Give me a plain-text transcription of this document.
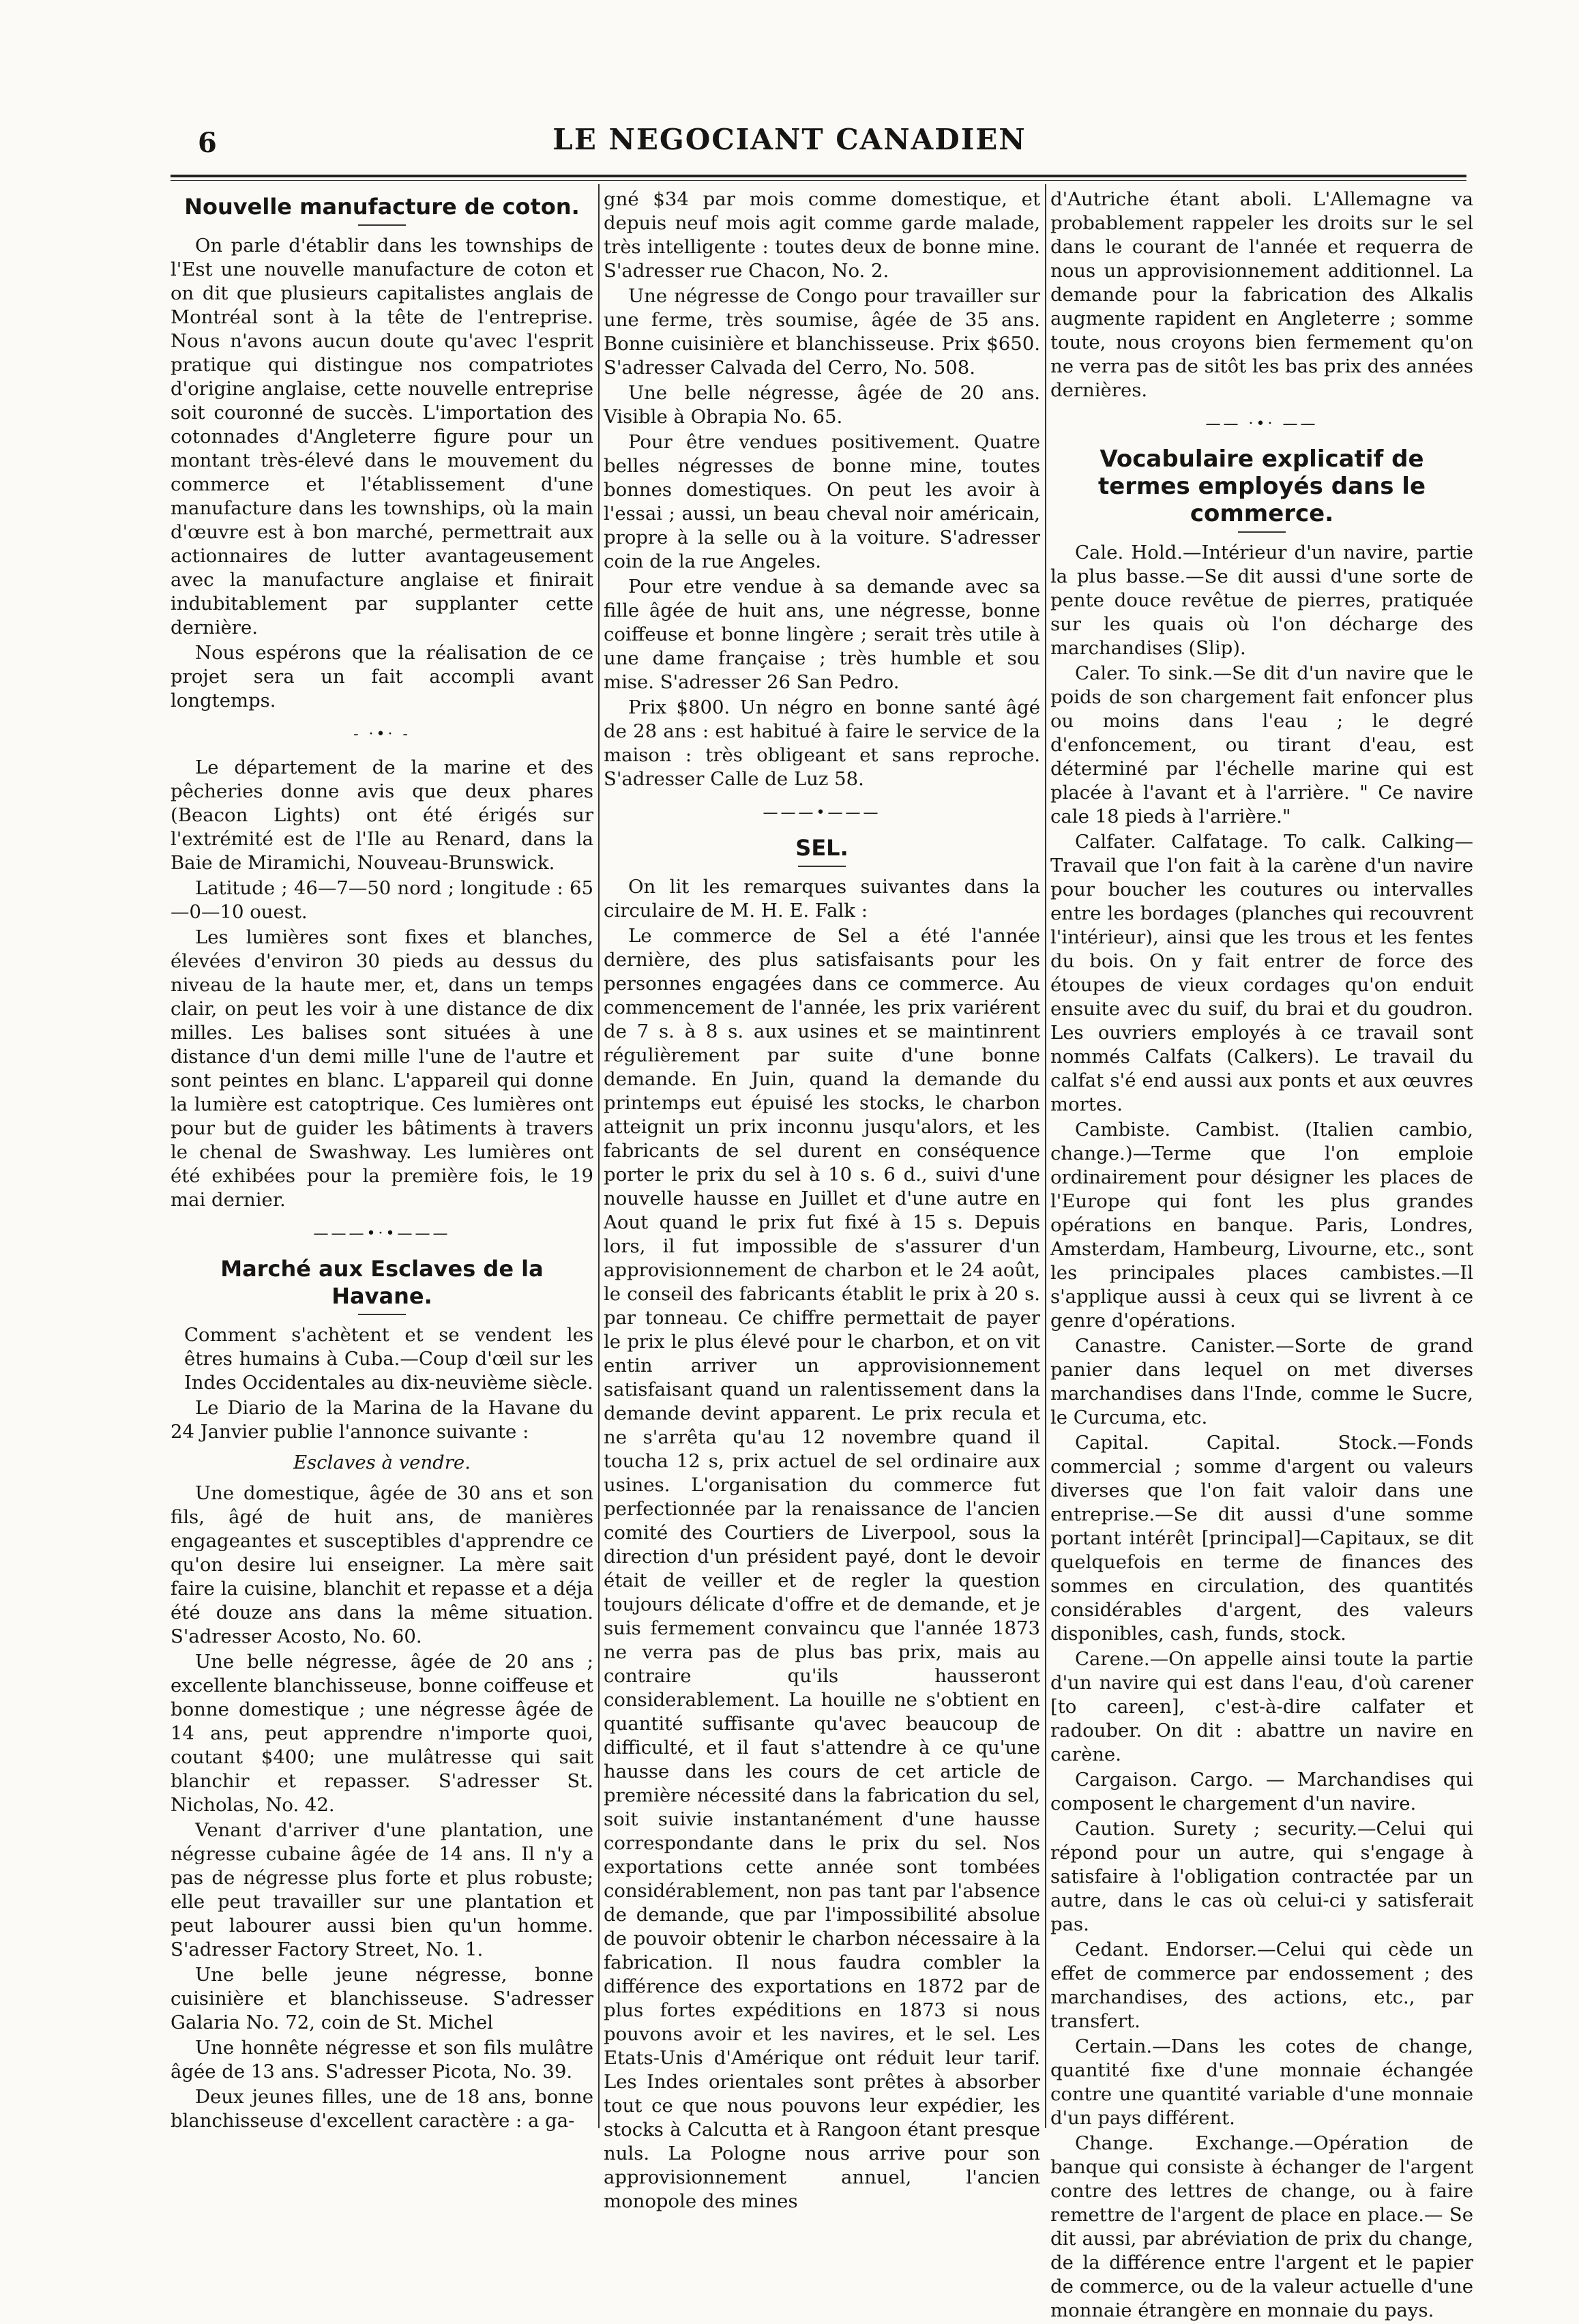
6	LE NEGOCIANT CANADIEN
Nouvelle manufacture de coton.

On parle d'établir dans les townships de l'Est une nouvelle manufacture de coton et on dit que plusieurs capitalistes anglais de Montréal sont à la tête de l'entreprise. Nous n'avons aucun doute qu'avec l'esprit pratique qui distingue nos compatriotes d'origine anglaise, cette nouvelle entreprise soit couronné de succès. L'importation des cotonnades d'Angleterre figure pour un montant très-élevé dans le mouvement du commerce et l'établissement d'une manufacture dans les townships, où la main d'œuvre est à bon marché, permettrait aux actionnaires de lutter avantageusement avec la manufacture anglaise et finirait indubitablement par supplanter cette dernière.

Nous espérons que la réalisation de ce projet sera un fait accompli avant longtemps.

- ·•· -

Le département de la marine et des pêcheries donne avis que deux phares (Beacon Lights) ont été érigés sur l'extrémité est de l'Ile au Renard, dans la Baie de Miramichi, Nouveau-Brunswick.

Latitude ; 46—7—50 nord ; longitude : 65—0—10 ouest.

Les lumières sont fixes et blanches, élevées d'environ 30 pieds au dessus du niveau de la haute mer, et, dans un temps clair, on peut les voir à une distance de dix milles. Les balises sont situées à une distance d'un demi mille l'une de l'autre et sont peintes en blanc. L'appareil qui donne la lumière est catoptrique. Ces lumières ont pour but de guider les bâtiments à travers le chenal de Swashway. Les lumières ont été exhibées pour la première fois, le 19 mai dernier.

———•·•———
Marché aux Esclaves de la Havane.

Comment s'achètent et se vendent les êtres humains à Cuba.—Coup d'œil sur les Indes Occidentales au dix-neuvième siècle.

Le Diario de la Marina de la Havane du 24 Janvier publie l'annonce suivante :

Esclaves à vendre.

Une domestique, âgée de 30 ans et son fils, âgé de huit ans, de manières engageantes et susceptibles d'apprendre ce qu'on desire lui enseigner. La mère sait faire la cuisine, blanchit et repasse et a déja été douze ans dans la même situation. S'adresser Acosto, No. 60.

Une belle négresse, âgée de 20 ans ; excellente blanchisseuse, bonne coiffeuse et bonne domestique ; une négresse âgée de 14 ans, peut apprendre n'importe quoi, coutant $400; une mulâtresse qui sait blanchir et repasser. S'adresser St. Nicholas, No. 42.

Venant d'arriver d'une plantation, une négresse cubaine âgée de 14 ans. Il n'y a pas de négresse plus forte et plus robuste; elle peut travailler sur une plantation et peut labourer aussi bien qu'un homme. S'adresser Factory Street, No. 1.

Une belle jeune négresse, bonne cuisinière et blanchisseuse. S'adresser Galaria No. 72, coin de St. Michel

Une honnête négresse et son fils mulâtre âgée de 13 ans. S'adresser Picota, No. 39.

Deux jeunes filles, une de 18 ans, bonne blanchisseuse d'excellent caractère : a ga-

gné $34 par mois comme domestique, et depuis neuf mois agit comme garde malade, très intelligente : toutes deux de bonne mine. S'adresser rue Chacon, No. 2.

Une négresse de Congo pour travailler sur une ferme, très soumise, âgée de 35 ans. Bonne cuisinière et blanchisseuse. Prix $650. S'adresser Calvada del Cerro, No. 508.

Une belle négresse, âgée de 20 ans. Visible à Obrapia No. 65.

Pour être vendues positivement. Quatre belles négresses de bonne mine, toutes bonnes domestiques. On peut les avoir à l'essai ; aussi, un beau cheval noir américain, propre à la selle ou à la voiture. S'adresser coin de la rue Angeles.

Pour etre vendue à sa demande avec sa fille âgée de huit ans, une négresse, bonne coiffeuse et bonne lingère ; serait très utile à une dame française ; très humble et sou mise. S'adresser 26 San Pedro.

Prix $800. Un négro en bonne santé âgé de 28 ans : est habitué à faire le service de la maison : très obligeant et sans reproche. S'adresser Calle de Luz 58.

———•———
SEL.

On lit les remarques suivantes dans la circulaire de M. H. E. Falk :

Le commerce de Sel a été l'année dernière, des plus satisfaisants pour les personnes engagées dans ce commerce. Au commencement de l'année, les prix variérent de 7 s. à 8 s. aux usines et se maintinrent régulièrement par suite d'une bonne demande. En Juin, quand la demande du printemps eut épuisé les stocks, le charbon atteignit un prix inconnu jusqu'alors, et les fabricants de sel durent en conséquence porter le prix du sel à 10 s. 6 d., suivi d'une nouvelle hausse en Juillet et d'une autre en Aout quand le prix fut fixé à 15 s. Depuis lors, il fut impossible de s'assurer d'un approvisionnement de charbon et le 24 août, le conseil des fabricants établit le prix à 20 s. par tonneau. Ce chiffre permettait de payer le prix le plus élevé pour le charbon, et on vit entin arriver un approvisionnement satisfaisant quand un ralentissement dans la demande devint apparent. Le prix recula et ne s'arrêta qu'au 12 novembre quand il toucha 12 s, prix actuel de sel ordinaire aux usines. L'organisation du commerce fut perfectionnée par la renaissance de l'ancien comité des Courtiers de Liverpool, sous la direction d'un président payé, dont le devoir était de veiller et de regler la question toujours délicate d'offre et de demande, et je suis fermement convaincu que l'année 1873 ne verra pas de plus bas prix, mais au contraire qu'ils hausseront considerablement. La houille ne s'obtient en quantité suffisante qu'avec beaucoup de difficulté, et il faut s'attendre à ce qu'une hausse dans les cours de cet article de première nécessité dans la fabrication du sel, soit suivie instantanément d'une hausse correspondante dans le prix du sel. Nos exportations cette année sont tombées considérablement, non pas tant par l'absence de demande, que par l'impossibilité absolue de pouvoir obtenir le charbon nécessaire à la fabrication. Il nous faudra combler la différence des exportations en 1872 par de plus fortes expéditions en 1873 si nous pouvons avoir et les navires, et le sel. Les Etats-Unis d'Amérique ont réduit leur tarif. Les Indes orientales sont prêtes à absorber tout ce que nous pouvons leur expédier, les stocks à Calcutta et à Rangoon étant presque nuls. La Pologne nous arrive pour son approvisionnement annuel, l'ancien monopole des mines

d'Autriche étant aboli. L'Allemagne va probablement rappeler les droits sur le sel dans le courant de l'année et requerra de nous un approvisionnement additionnel. La demande pour la fabrication des Alkalis augmente rapident en Angleterre ; somme toute, nous croyons bien fermement qu'on ne verra pas de sitôt les bas prix des années dernières.

—— ·•· ——
Vocabulaire explicatif de termes employés dans le commerce.

Cale. Hold.—Intérieur d'un navire, partie la plus basse.—Se dit aussi d'une sorte de pente douce revêtue de pierres, pratiquée sur les quais où l'on décharge des marchandises (Slip).

Caler. To sink.—Se dit d'un navire que le poids de son chargement fait enfoncer plus ou moins dans l'eau ; le degré d'enfoncement, ou tirant d'eau, est déterminé par l'échelle marine qui est placée à l'avant et à l'arrière. " Ce navire cale 18 pieds à l'arrière."

Calfater. Calfatage. To calk. Calking—Travail que l'on fait à la carène d'un navire pour boucher les coutures ou intervalles entre les bordages (planches qui recouvrent l'intérieur), ainsi que les trous et les fentes du bois. On y fait entrer de force des étoupes de vieux cordages qu'on enduit ensuite avec du suif, du brai et du goudron. Les ouvriers employés à ce travail sont nommés Calfats (Calkers). Le travail du calfat s'é end aussi aux ponts et aux œuvres mortes.

Cambiste. Cambist. (Italien cambio, change.)—Terme que l'on emploie ordinairement pour désigner les places de l'Europe qui font les plus grandes opérations en banque. Paris, Londres, Amsterdam, Hambeurg, Livourne, etc., sont les principales places cambistes.—Il s'applique aussi à ceux qui se livrent à ce genre d'opérations.

Canastre. Canister.—Sorte de grand panier dans lequel on met diverses marchandises dans l'Inde, comme le Sucre, le Curcuma, etc.

Capital. Capital. Stock.—Fonds commercial ; somme d'argent ou valeurs diverses que l'on fait valoir dans une entreprise.—Se dit aussi d'une somme portant intérêt [principal]—Capitaux, se dit quelquefois en terme de finances des sommes en circulation, des quantités considérables d'argent, des valeurs disponibles, cash, funds, stock.

Carene.—On appelle ainsi toute la partie d'un navire qui est dans l'eau, d'où carener [to careen], c'est-à-dire calfater et radouber. On dit : abattre un navire en carène.

Cargaison. Cargo. — Marchandises qui composent le chargement d'un navire.

Caution. Surety ; security.—Celui qui répond pour un autre, qui s'engage à satisfaire à l'obligation contractée par un autre, dans le cas où celui-ci y satisferait pas.

Cedant. Endorser.—Celui qui cède un effet de commerce par endossement ; des marchandises, des actions, etc., par transfert.

Certain.—Dans les cotes de change, quantité fixe d'une monnaie échangée contre une quantité variable d'une monnaie d'un pays différent.

Change. Exchange.—Opération de banque qui consiste à échanger de l'argent contre des lettres de change, ou à faire remettre de l'argent de place en place.— Se dit aussi, par abréviation de prix du change, de la différence entre l'argent et le papier de commerce, ou de la valeur actuelle d'une monnaie étrangère en monnaie du pays.
